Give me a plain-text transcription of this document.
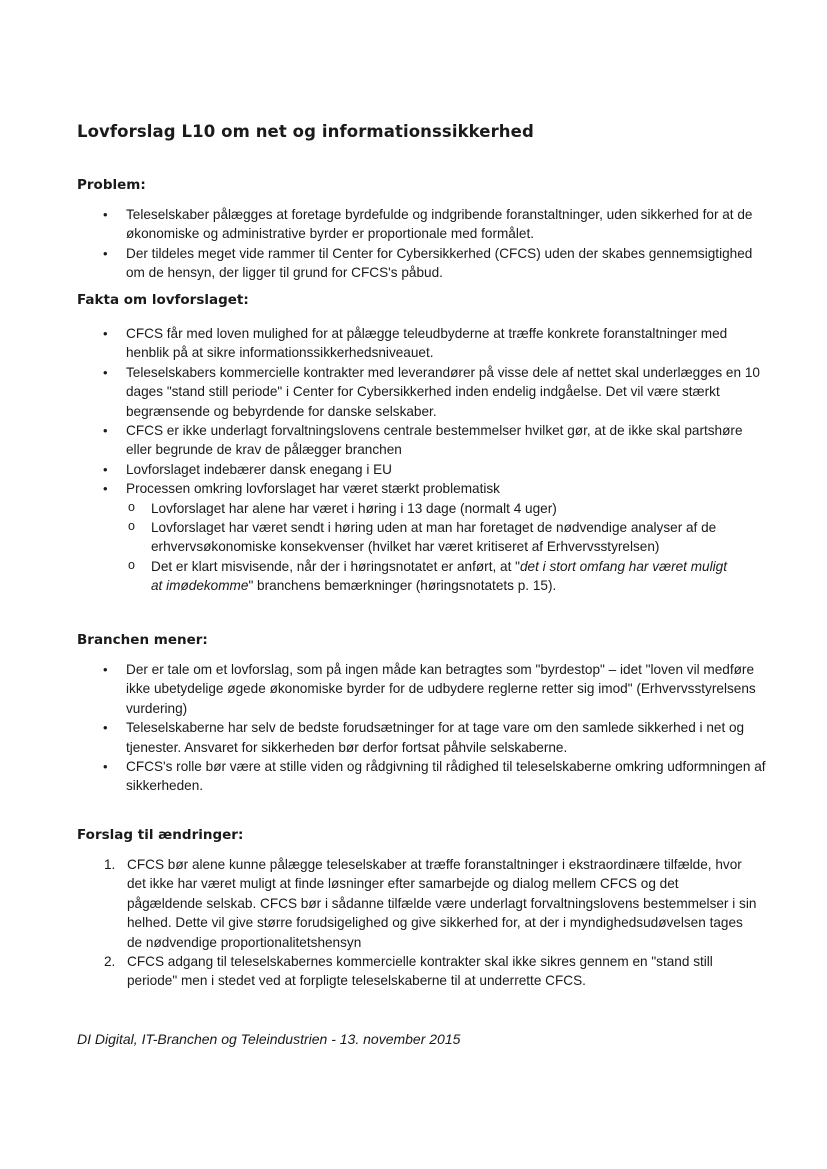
Lovforslag L10 om net og informationssikkerhed
Problem:
• Teleselskaber pålægges at foretage byrdefulde og indgribende foranstaltninger, uden sikkerhed for at de økonomiske og administrative byrder er proportionale med formålet.
• Der tildeles meget vide rammer til Center for Cybersikkerhed (CFCS) uden der skabes gennemsigtighed om de hensyn, der ligger til grund for CFCS's påbud.
Fakta om lovforslaget:
• CFCS får med loven mulighed for at pålægge teleudbyderne at træffe konkrete foranstaltninger med henblik på at sikre informationssikkerhedsniveauet.
• Teleselskabers kommercielle kontrakter med leverandører på visse dele af nettet skal underlægges en 10 dages "stand still periode" i Center for Cybersikkerhed inden endelig indgåelse. Det vil være stærkt begrænsende og bebyrdende for danske selskaber.
• CFCS er ikke underlagt forvaltningslovens centrale bestemmelser hvilket gør, at de ikke skal partshøre eller begrunde de krav de pålægger branchen
• Lovforslaget indebærer dansk enegang i EU
• Processen omkring lovforslaget har været stærkt problematisk
o Lovforslaget har alene har været i høring i 13 dage (normalt 4 uger)
o Lovforslaget har været sendt i høring uden at man har foretaget de nødvendige analyser af de erhvervsøkonomiske konsekvenser (hvilket har været kritiseret af Erhvervsstyrelsen)
o Det er klart misvisende, når der i høringsnotatet er anført, at "det i stort omfang har været muligt at imødekomme" branchens bemærkninger (høringsnotatets p. 15).
Branchen mener:
• Der er tale om et lovforslag, som på ingen måde kan betragtes som "byrdestop" – idet "loven vil medføre ikke ubetydelige øgede økonomiske byrder for de udbydere reglerne retter sig imod" (Erhvervsstyrelsens vurdering)
• Teleselskaberne har selv de bedste forudsætninger for at tage vare om den samlede sikkerhed i net og tjenester. Ansvaret for sikkerheden bør derfor fortsat påhvile selskaberne.
• CFCS's rolle bør være at stille viden og rådgivning til rådighed til teleselskaberne omkring udformningen af sikkerheden.
Forslag til ændringer:
1. CFCS bør alene kunne pålægge teleselskaber at træffe foranstaltninger i ekstraordinære tilfælde, hvor det ikke har været muligt at finde løsninger efter samarbejde og dialog mellem CFCS og det pågældende selskab. CFCS bør i sådanne tilfælde være underlagt forvaltningslovens bestemmelser i sin helhed. Dette vil give større forudsigelighed og give sikkerhed for, at der i myndighedsudøvelsen tages de nødvendige proportionalitetshensyn
2. CFCS adgang til teleselskabernes kommercielle kontrakter skal ikke sikres gennem en "stand still periode" men i stedet ved at forpligte teleselskaberne til at underrette CFCS.

DI Digital, IT-Branchen og Teleindustrien - 13. november 2015
